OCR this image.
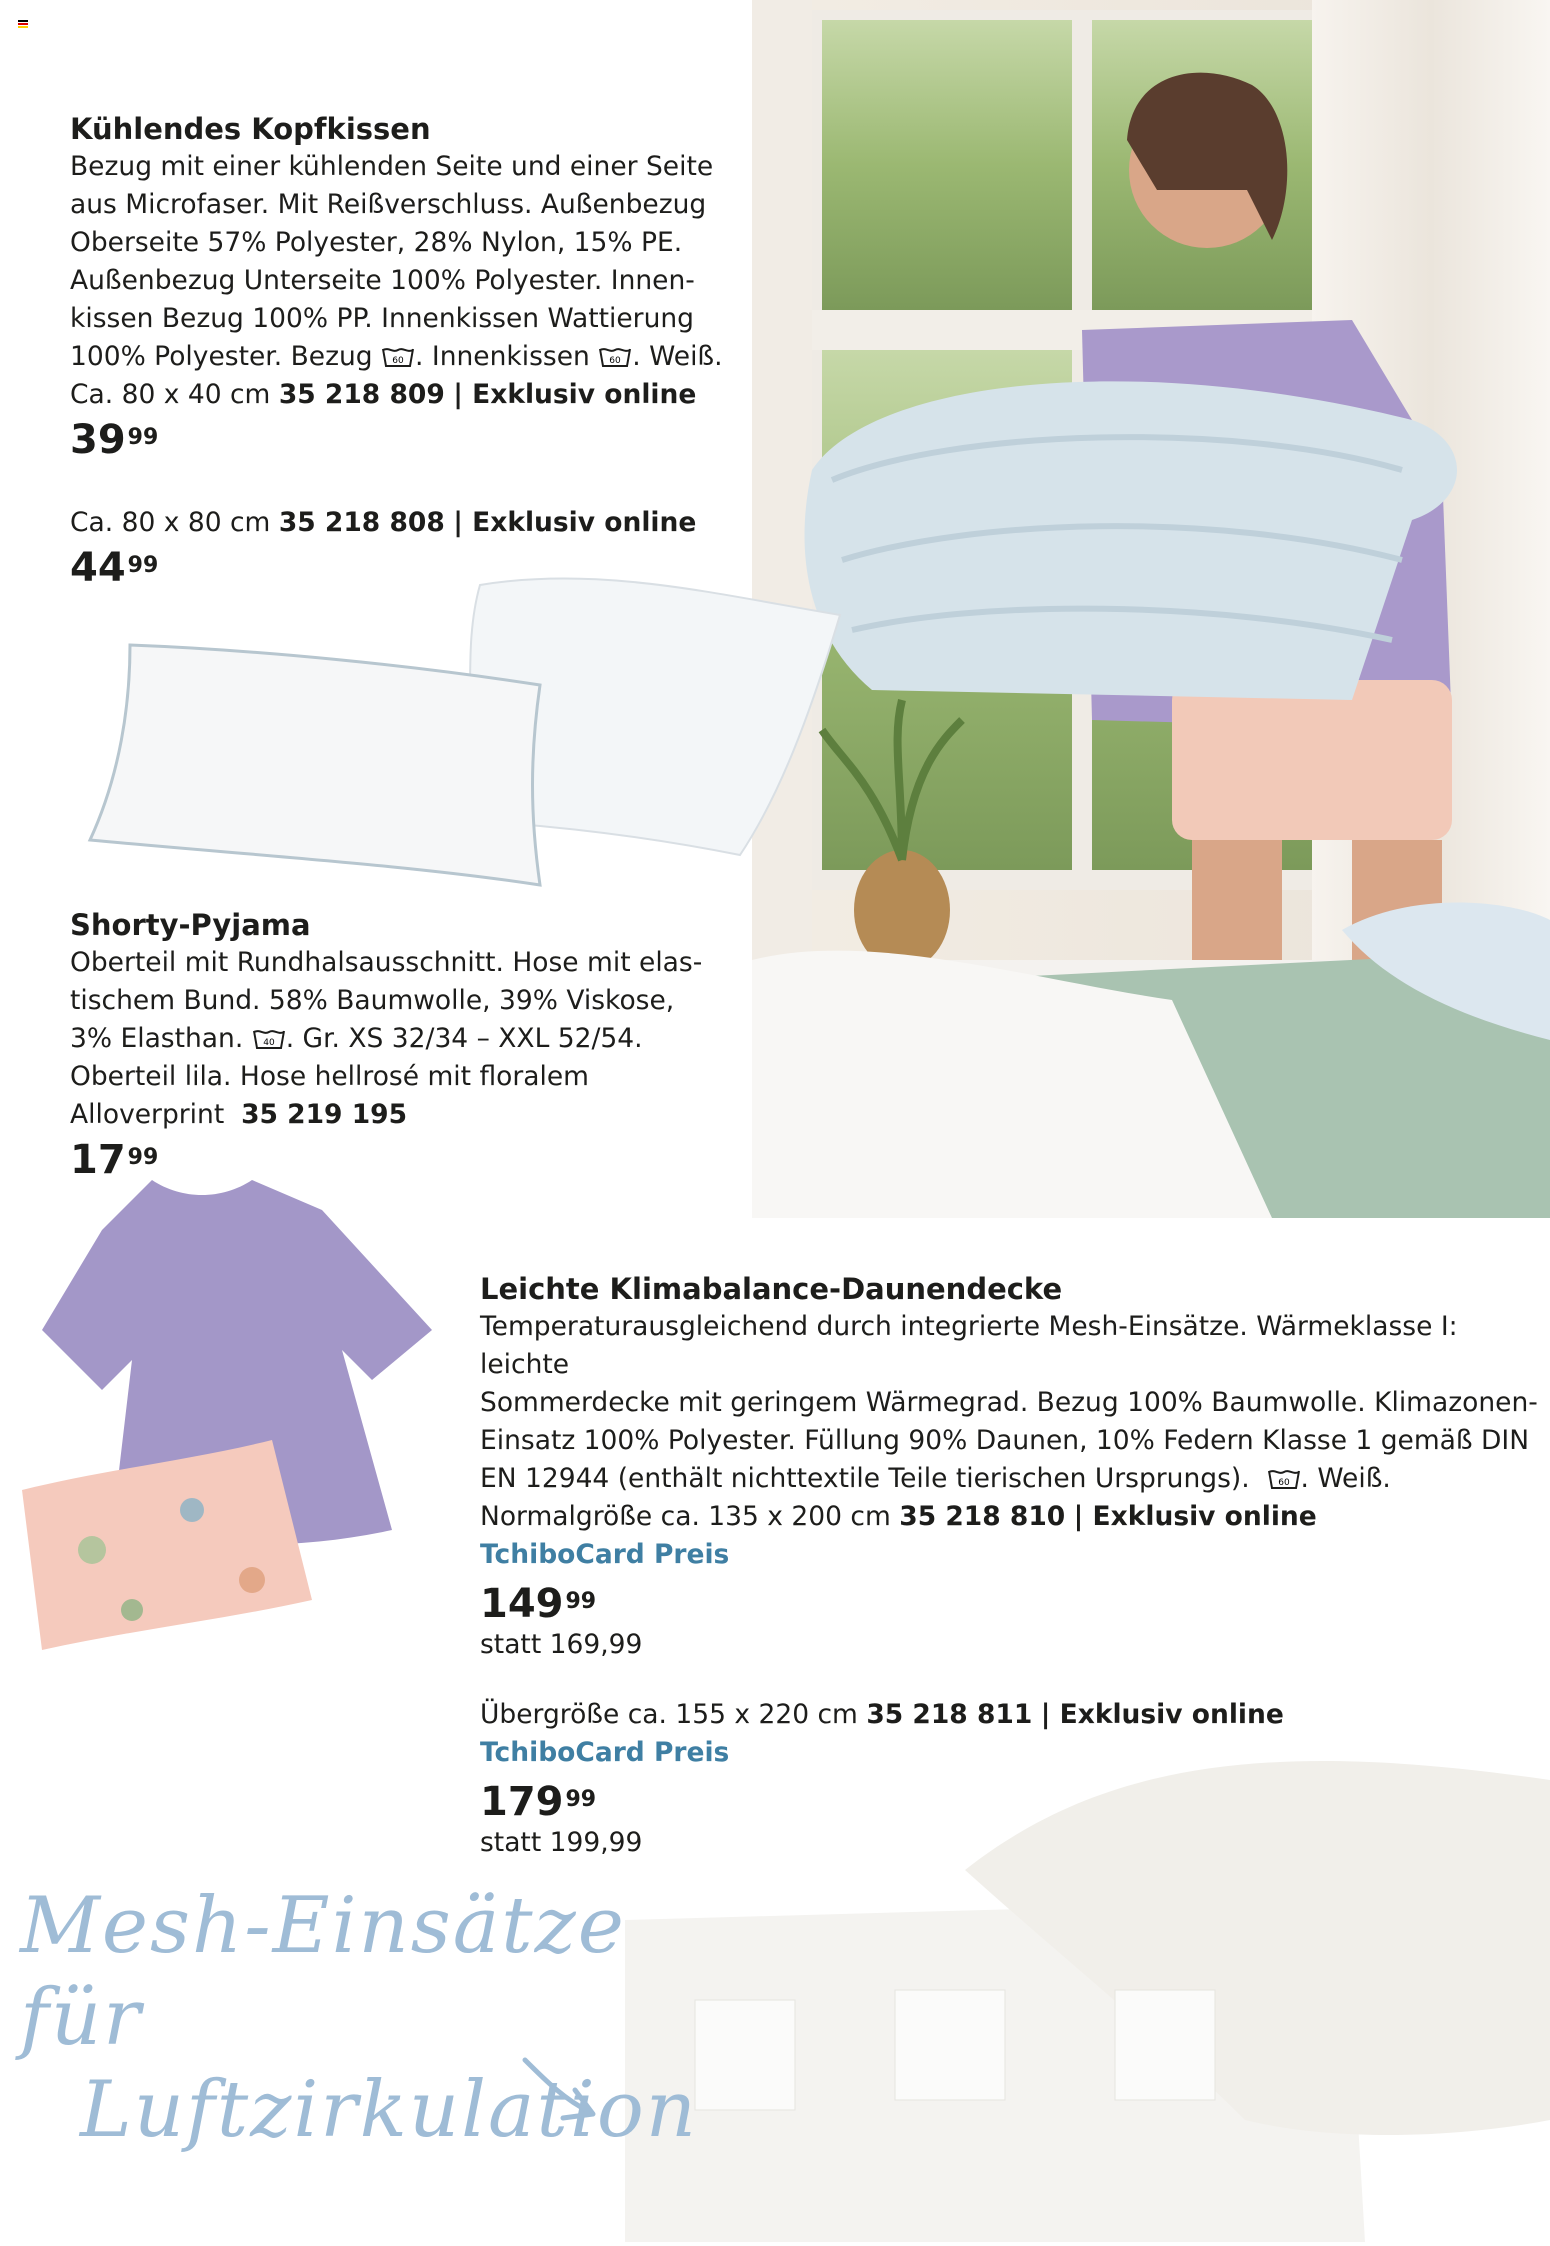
Kühlendes Kopfkissen
Bezug mit einer kühlenden Seite und einer Seite
aus Microfaser. Mit Reißverschluss. Außenbezug
Oberseite 57% Polyester, 28% Nylon, 15% PE.
Außenbezug Unterseite 100% Polyester. Innen-
kissen Bezug 100% PP. Innenkissen Wattierung
100% Polyester. Bezug 60 . Innenkissen 60 . Weiß.
Ca. 80 x 40 cm 35 218 809 | Exklusiv online
$39^{99}$
Ca. 80 x 80 cm 35 218 808 | Exklusiv online
$44^{99}$
Shorty-Pyjama
Oberteil mit Rundhalsausschnitt. Hose mit elas-
tischem Bund. 58% Baumwolle, 39% Viskose,
3% Elasthan. 40 . Gr. XS 32/34 – XXL 52/54.
Oberteil lila. Hose hellrosé mit floralem
Alloverprint 35 219 195
$17^{99}$
Leichte Klimabalance-Daunendecke
Temperaturausgleichend durch integrierte Mesh-Einsätze. Wärmeklasse I: leichte
Sommerdecke mit geringem Wärmegrad. Bezug 100% Baumwolle. Klimazonen-
Einsatz 100% Polyester. Füllung 90% Daunen, 10% Federn Klasse 1 gemäß DIN
EN 12944 (enthält nichttextile Teile tierischen Ursprungs).	60 . Weiß.
Normalgröße ca. 135 x 200 cm 35 218 810 | Exklusiv online
TchiboCard Preis
$149^{99}$
statt 169,99
Übergröße ca. 155 x 220 cm 35 218 811 | Exklusiv online
TchiboCard Preis
$179^{99}$
statt 199,99
Mesh-Einsätze für
Luftzirkulation
